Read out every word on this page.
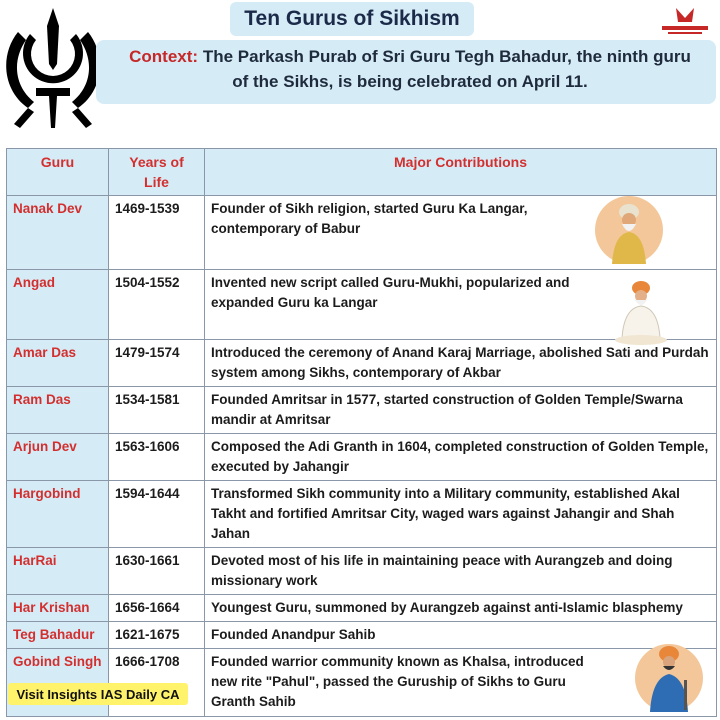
Ten Gurus of Sikhism
Context: The Parkash Purab of Sri Guru Tegh Bahadur, the ninth guru of the Sikhs, is being celebrated on April 11.
Guru	Years of Life	Major Contributions
Nanak Dev	1469-1539	Founder of Sikh religion, started Guru Ka Langar, contemporary of Babur

Angad	1504-1552	Invented new script called Guru-Mukhi, popularized and expanded Guru ka Langar

Amar Das	1479-1574	Introduced the ceremony of Anand Karaj Marriage, abolished Sati and Purdah system among Sikhs, contemporary of Akbar
Ram Das	1534-1581	Founded Amritsar in 1577, started construction of Golden Temple/Swarna mandir at Amritsar
Arjun Dev	1563-1606	Composed the Adi Granth in 1604, completed construction of Golden Temple, executed by Jahangir
Hargobind	1594-1644	Transformed Sikh community into a Military community, established Akal Takht and fortified Amritsar City, waged wars against Jahangir and Shah Jahan
HarRai	1630-1661	Devoted most of his life in maintaining peace with Aurangzeb and doing missionary work
Har Krishan	1656-1664	Youngest Guru, summoned by Aurangzeb against anti-Islamic blasphemy
Teg Bahadur	1621-1675	Founded Anandpur Sahib
Gobind Singh	1666-1708	Founded warrior community known as Khalsa, introduced new rite "Pahul", passed the Guruship of Sikhs to Guru Granth Sahib
Visit Insights IAS Daily CA
